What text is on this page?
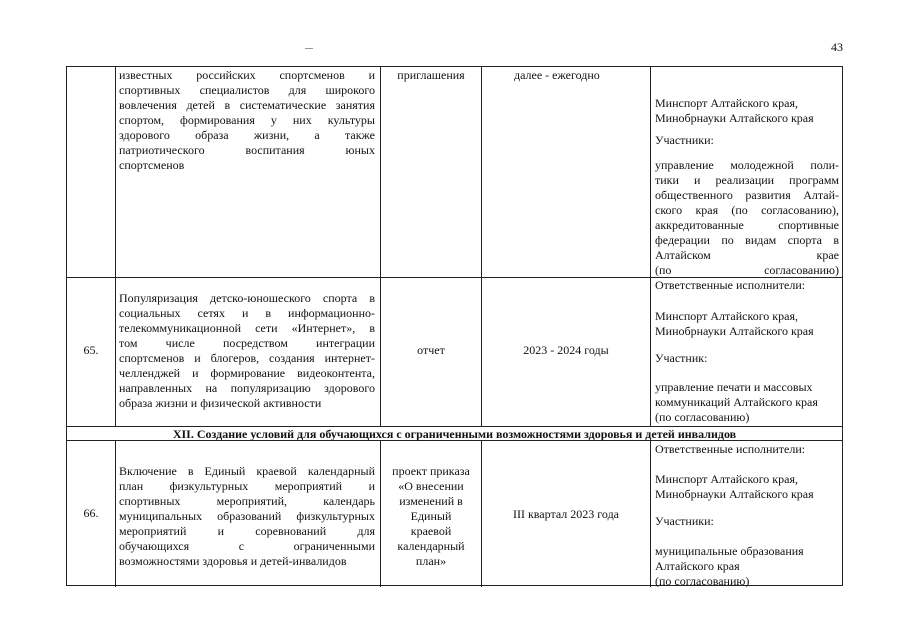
43
известных российских спортсменов и
спортивных специалистов для широкого
вовлечения детей в систематические занятия
спортом, формирования у них культуры
здорового образа жизни, а также
патриотического воспитания юных
спортсменов
приглашения	далее - ежегодно
Минспорт Алтайского края,
Минобрнауки Алтайского края
Участники:
управление молодежной поли-
тики и реализации программ
общественного развития Алтай-
ского края (по согласованию),
аккредитованные спортивные
федерации по видам спорта в
Алтайском крае
(по согласованию)
65.
Популяризация детско-юношеского спорта в
социальных сетях и в информационно-
телекоммуникационной сети «Интернет», в
том числе посредством интеграции
спортсменов и блогеров, создания интернет-
челленджей и формирование видеоконтента,
направленных на популяризацию здорового
образа жизни и физической активности
отчет	2023 - 2024 годы
Ответственные исполнители:
Минспорт Алтайского края,
Минобрнауки Алтайского края
Участник:
управление печати и массовых
коммуникаций Алтайского края
(по согласованию)
XII. Создание условий для обучающихся с ограниченными возможностями здоровья и детей инвалидов
66.
Включение в Единый краевой календарный
план физкультурных мероприятий и
спортивных мероприятий, календарь
муниципальных образований физкультурных
мероприятий и соревнований для
обучающихся с ограниченными
возможностями здоровья и детей-инвалидов
проект приказа
«О внесении
изменений в
Единый
краевой
календарный
план»
III квартал 2023 года
Ответственные исполнители:
Минспорт Алтайского края,
Минобрнауки Алтайского края
Участники:
муниципальные образования
Алтайского края
(по согласованию)
